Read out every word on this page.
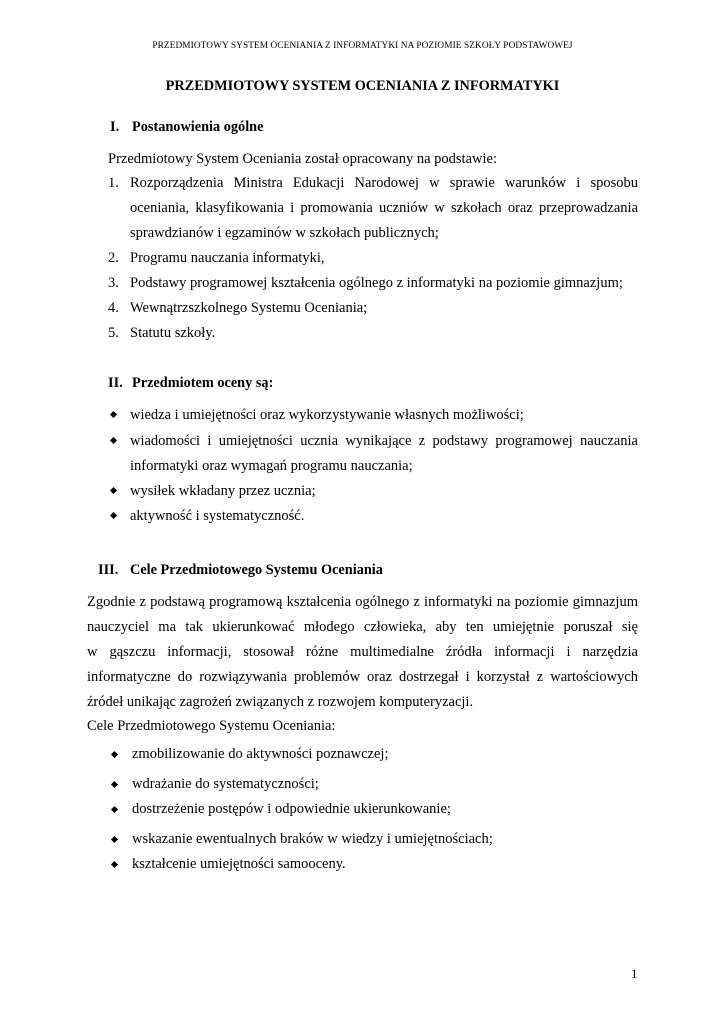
PRZEDMIOTOWY SYSTEM OCENIANIA Z INFORMATYKI NA POZIOMIE SZKOŁY PODSTAWOWEJ
PRZEDMIOTOWY SYSTEM OCENIANIA Z INFORMATYKI
I. Postanowienia ogólne
Przedmiotowy System Oceniania został opracowany na podstawie:
1. Rozporządzenia Ministra Edukacji Narodowej w sprawie warunków i sposobu
oceniania, klasyfikowania i promowania uczniów w szkołach oraz przeprowadzania
sprawdzianów i egzaminów w szkołach publicznych;
2. Programu nauczania informatyki,
3. Podstawy programowej kształcenia ogólnego z informatyki na poziomie gimnazjum;
4. Wewnątrzszkolnego Systemu Oceniania;
5. Statutu szkoły.
II. Przedmiotem oceny są:
wiedza i umiejętności oraz wykorzystywanie własnych możliwości;
wiadomości i umiejętności ucznia wynikające z podstawy programowej nauczania
informatyki oraz wymagań programu nauczania;
wysiłek wkładany przez ucznia;
aktywność i systematyczność.
III. Cele Przedmiotowego Systemu Oceniania
Zgodnie z podstawą programową kształcenia ogólnego z informatyki na poziomie gimnazjum
nauczyciel ma tak ukierunkować młodego człowieka, aby ten umiejętnie poruszał się
w gąszczu informacji, stosował różne multimedialne źródła informacji i narzędzia
informatyczne do rozwiązywania problemów oraz dostrzegał i korzystał z wartościowych
źródeł unikając zagrożeń związanych z rozwojem komputeryzacji.
Cele Przedmiotowego Systemu Oceniania:
zmobilizowanie do aktywności poznawczej;
wdrażanie do systematyczności;
dostrzeżenie postępów i odpowiednie ukierunkowanie;
wskazanie ewentualnych braków w wiedzy i umiejętnościach;
kształcenie umiejętności samooceny.
1
